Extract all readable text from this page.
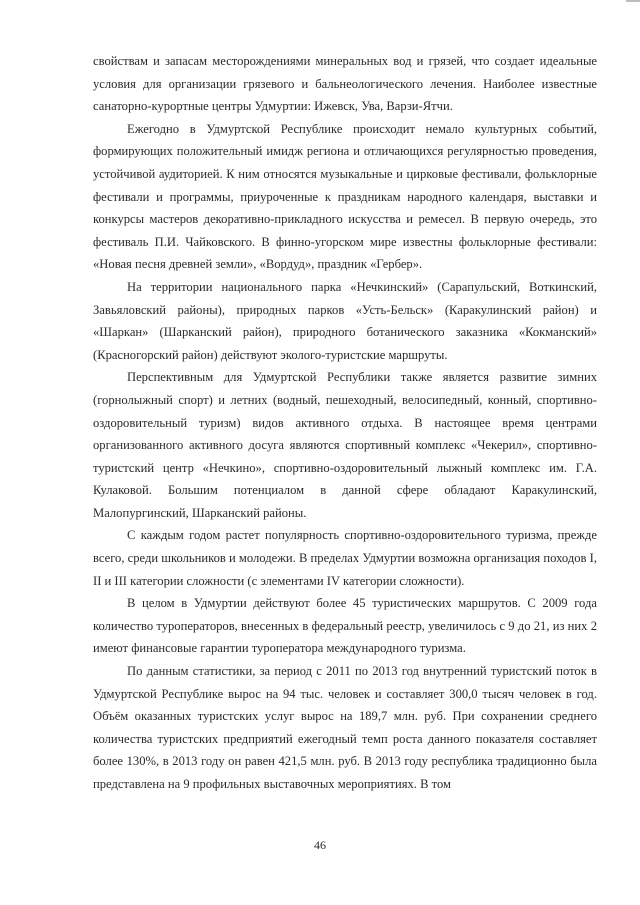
свойствам и запасам месторождениями минеральных вод и грязей, что создает идеальные условия для организации грязевого и бальнеологического лечения. Наиболее известные санаторно-курортные центры Удмуртии: Ижевск, Ува, Варзи-Ятчи.

Ежегодно в Удмуртской Республике происходит немало культурных событий, формирующих положительный имидж региона и отличающихся регулярностью проведения, устойчивой аудиторией. К ним относятся музыкальные и цирковые фестивали, фольклорные фестивали и программы, приуроченные к праздникам народного календаря, выставки и конкурсы мастеров декоративно-прикладного искусства и ремесел. В первую очередь, это фестиваль П.И. Чайковского. В финно-угорском мире известны фольклорные фестивали: «Новая песня древней земли», «Вордуд», праздник «Гербер».

На территории национального парка «Нечкинский» (Сарапульский, Воткинский, Завьяловский районы), природных парков «Усть-Бельск» (Каракулинский район) и «Шаркан» (Шарканский район), природного ботанического заказника «Кокманский» (Красногорский район) действуют эколого-туристские маршруты.

Перспективным для Удмуртской Республики также является развитие зимних (горнолыжный спорт) и летних (водный, пешеходный, велосипедный, конный, спортивно-оздоровительный туризм) видов активного отдыха. В настоящее время центрами организованного активного досуга являются спортивный комплекс «Чекерил», спортивно-туристский центр «Нечкино», спортивно-оздоровительный лыжный комплекс им. Г.А. Кулаковой. Большим потенциалом в данной сфере обладают Каракулинский, Малопургинский, Шарканский районы.

С каждым годом растет популярность спортивно-оздоровительного туризма, прежде всего, среди школьников и молодежи. В пределах Удмуртии возможна организация походов I, II и III категории сложности (с элементами IV категории сложности).

В целом в Удмуртии действуют более 45 туристических маршрутов. С 2009 года количество туроператоров, внесенных в федеральный реестр, увеличилось с 9 до 21, из них 2 имеют финансовые гарантии туроператора международного туризма.

По данным статистики, за период с 2011 по 2013 год внутренний туристский поток в Удмуртской Республике вырос на 94 тыс. человек и составляет 300,0 тысяч человек в год. Объём оказанных туристских услуг вырос на 189,7 млн. руб. При сохранении среднего количества туристских предприятий ежегодный темп роста данного показателя составляет более 130%, в 2013 году он равен 421,5 млн. руб. В 2013 году республика традиционно была представлена на 9 профильных выставочных мероприятиях. В том

46
